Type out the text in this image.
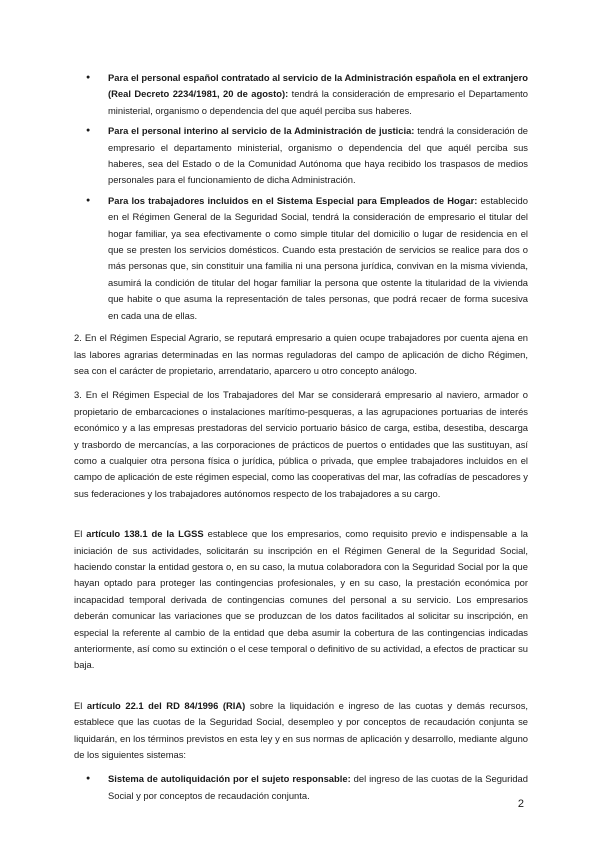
● Para el personal español contratado al servicio de la Administración española en el extranjero (Real Decreto 2234/1981, 20 de agosto): tendrá la consideración de empresario el Departamento ministerial, organismo o dependencia del que aquél perciba sus haberes.
● Para el personal interino al servicio de la Administración de justicia: tendrá la consideración de empresario el departamento ministerial, organismo o dependencia del que aquél perciba sus haberes, sea del Estado o de la Comunidad Autónoma que haya recibido los traspasos de medios personales para el funcionamiento de dicha Administración.
● Para los trabajadores incluidos en el Sistema Especial para Empleados de Hogar: establecido en el Régimen General de la Seguridad Social, tendrá la consideración de empresario el titular del hogar familiar, ya sea efectivamente o como simple titular del domicilio o lugar de residencia en el que se presten los servicios domésticos. Cuando esta prestación de servicios se realice para dos o más personas que, sin constituir una familia ni una persona jurídica, convivan en la misma vivienda, asumirá la condición de titular del hogar familiar la persona que ostente la titularidad de la vivienda que habite o que asuma la representación de tales personas, que podrá recaer de forma sucesiva en cada una de ellas.

2. En el Régimen Especial Agrario, se reputará empresario a quien ocupe trabajadores por cuenta ajena en las labores agrarias determinadas en las normas reguladoras del campo de aplicación de dicho Régimen, sea con el carácter de propietario, arrendatario, aparcero u otro concepto análogo.

3. En el Régimen Especial de los Trabajadores del Mar se considerará empresario al naviero, armador o propietario de embarcaciones o instalaciones marítimo-pesqueras, a las agrupaciones portuarias de interés económico y a las empresas prestadoras del servicio portuario básico de carga, estiba, desestiba, descarga y trasbordo de mercancías, a las corporaciones de prácticos de puertos o entidades que las sustituyan, así como a cualquier otra persona física o jurídica, pública o privada, que emplee trabajadores incluidos en el campo de aplicación de este régimen especial, como las cooperativas del mar, las cofradías de pescadores y sus federaciones y los trabajadores autónomos respecto de los trabajadores a su cargo.

El artículo 138.1 de la LGSS establece que los empresarios, como requisito previo e indispensable a la iniciación de sus actividades, solicitarán su inscripción en el Régimen General de la Seguridad Social, haciendo constar la entidad gestora o, en su caso, la mutua colaboradora con la Seguridad Social por la que hayan optado para proteger las contingencias profesionales, y en su caso, la prestación económica por incapacidad temporal derivada de contingencias comunes del personal a su servicio. Los empresarios deberán comunicar las variaciones que se produzcan de los datos facilitados al solicitar su inscripción, en especial la referente al cambio de la entidad que deba asumir la cobertura de las contingencias indicadas anteriormente, así como su extinción o el cese temporal o definitivo de su actividad, a efectos de practicar su baja.

El artículo 22.1 del RD 84/1996 (RIA) sobre la liquidación e ingreso de las cuotas y demás recursos, establece que las cuotas de la Seguridad Social, desempleo y por conceptos de recaudación conjunta se liquidarán, en los términos previstos en esta ley y en sus normas de aplicación y desarrollo, mediante alguno de los siguientes sistemas:

● Sistema de autoliquidación por el sujeto responsable: del ingreso de las cuotas de la Seguridad Social y por conceptos de recaudación conjunta.
2
